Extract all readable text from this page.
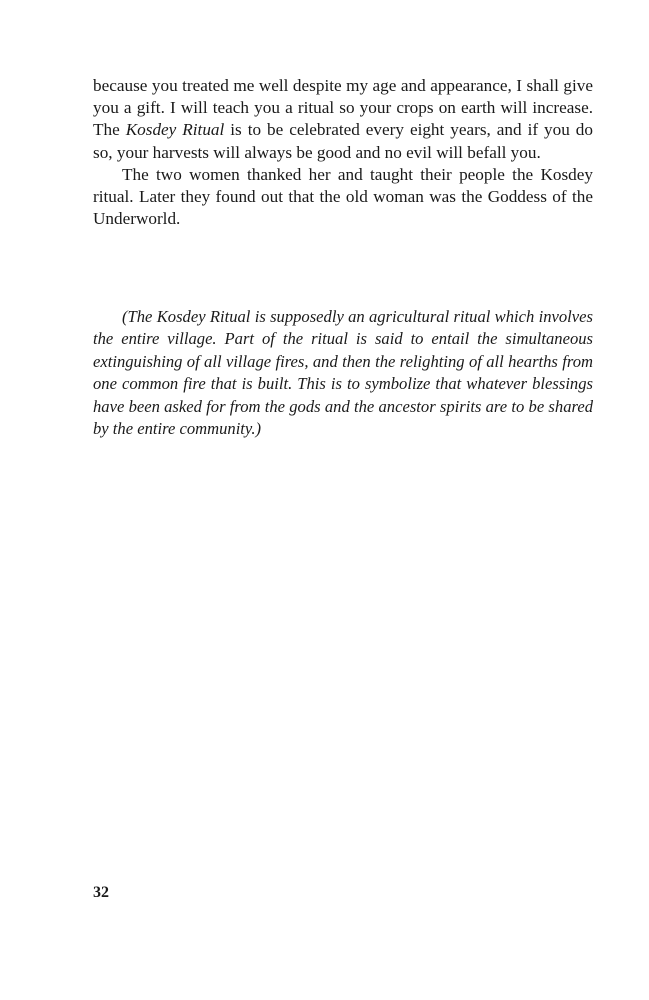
because you treated me well despite my age and appearance, I shall give you a gift. I will teach you a ritual so your crops on earth will increase. The Kosdey Ritual is to be celebrated every eight years, and if you do so, your harvests will always be good and no evil will befall you.

The two women thanked her and taught their people the Kosdey ritual. Later they found out that the old woman was the Goddess of the Underworld.

(The Kosdey Ritual is supposedly an agricultural ritual which involves the entire village. Part of the ritual is said to entail the simultaneous extinguishing of all village fires, and then the relighting of all hearths from one common fire that is built. This is to symbolize that whatever blessings have been asked for from the gods and the ancestor spirits are to be shared by the entire community.)

32
